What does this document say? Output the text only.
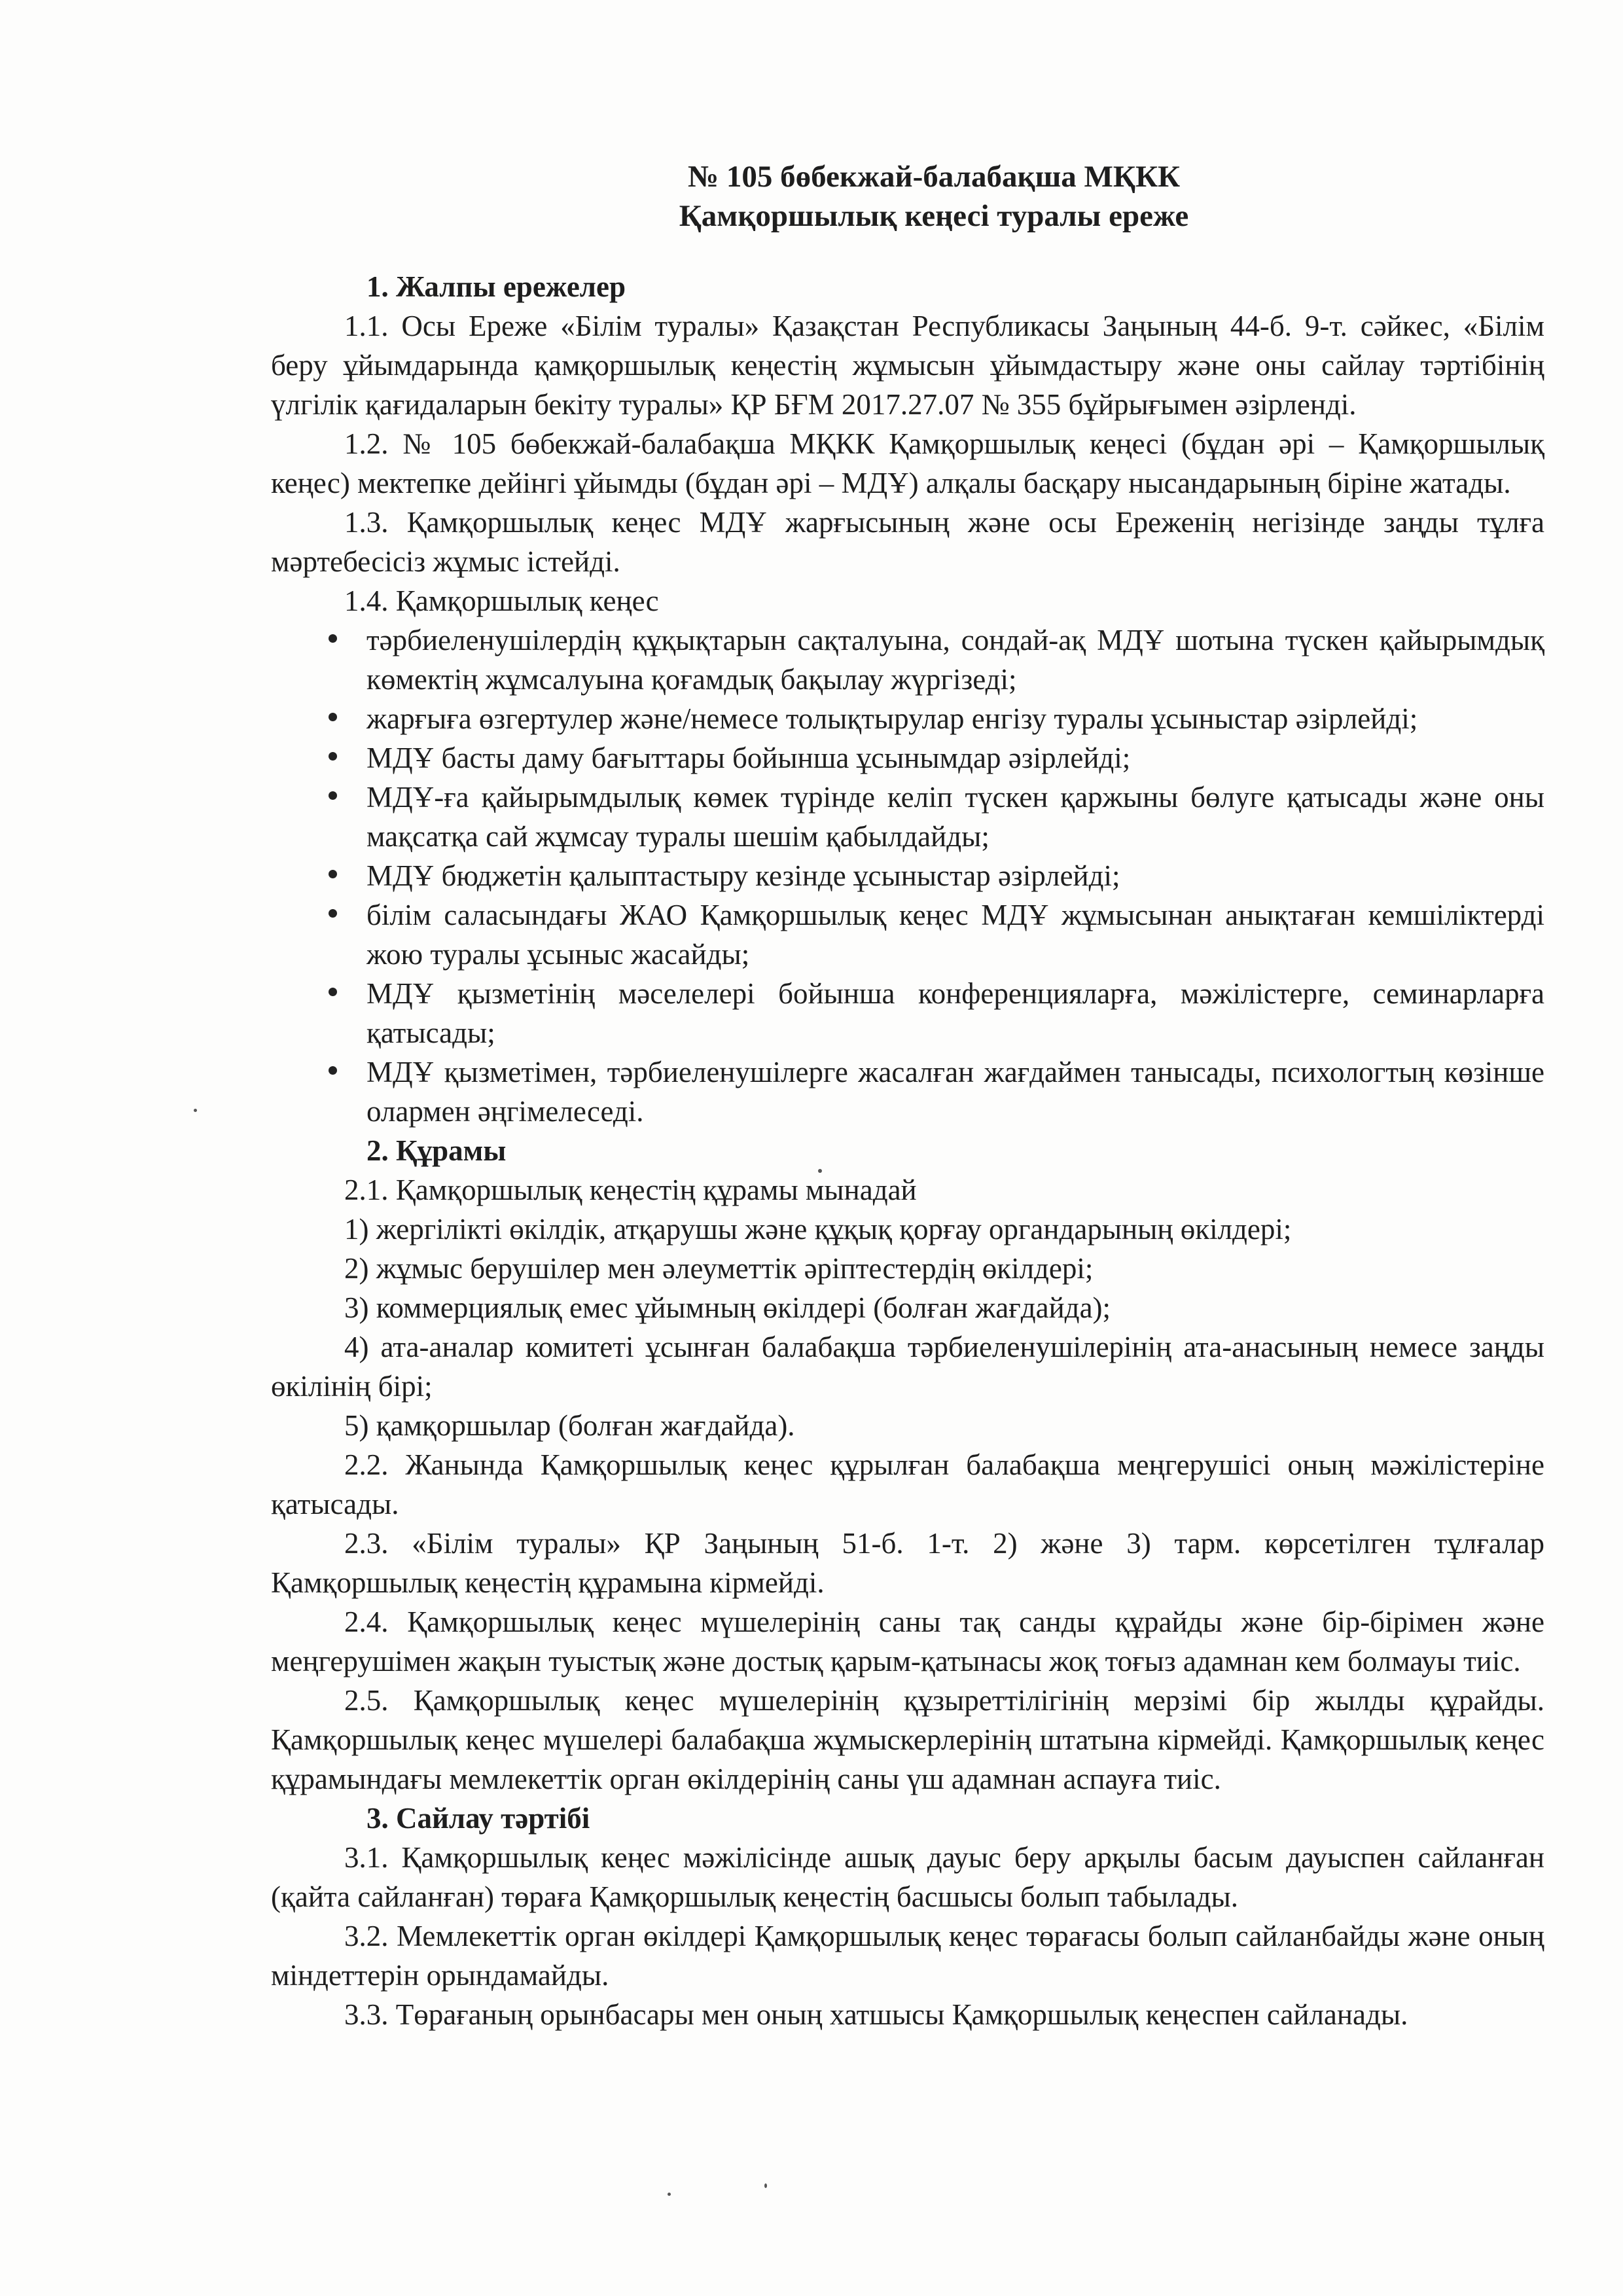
№ 105 бөбекжай-балабақша МҚКК
Қамқоршылық кеңесі туралы ереже

1. Жалпы ережелер

1.1. Осы Ереже «Білім туралы» Қазақстан Республикасы Заңының 44-б. 9-т. сәйкес, «Білім беру ұйымдарында қамқоршылық кеңестің жұмысын ұйымдастыру және оны сайлау тәртібінің үлгілік қағидаларын бекіту туралы» ҚР БҒМ 2017.27.07 № 355 бұйрығымен әзірленді.

1.2. № 105 бөбекжай-балабақша МҚКК Қамқоршылық кеңесі (бұдан әрі – Қамқоршылық кеңес) мектепке дейінгі ұйымды (бұдан әрі – МДҰ) алқалы басқару нысандарының біріне жатады.

1.3. Қамқоршылық кеңес МДҰ жарғысының және осы Ереженің негізінде заңды тұлға мәртебесісіз жұмыс істейді.

1.4. Қамқоршылық кеңес

тәрбиеленушілердің құқықтарын сақталуына, сондай-ақ МДҰ шотына түскен қайырымдық көмектің жұмсалуына қоғамдық бақылау жүргізеді;
жарғыға өзгертулер және/немесе толықтырулар енгізу туралы ұсыныстар әзірлейді;
МДҰ басты даму бағыттары бойынша ұсынымдар әзірлейді;
МДҰ-ға қайырымдылық көмек түрінде келіп түскен қаржыны бөлуге қатысады және оны мақсатқа сай жұмсау туралы шешім қабылдайды;
МДҰ бюджетін қалыптастыру кезінде ұсыныстар әзірлейді;
білім саласындағы ЖАО Қамқоршылық кеңес МДҰ жұмысынан анықтаған кемшіліктерді жою туралы ұсыныс жасайды;
МДҰ қызметінің мәселелері бойынша конференцияларға, мәжілістерге, семинарларға қатысады;
МДҰ қызметімен, тәрбиеленушілерге жасалған жағдаймен танысады, психологтың көзінше олармен әңгімелеседі.

2. Құрамы

2.1. Қамқоршылық кеңестің құрамы мынадай

1) жергілікті өкілдік, атқарушы және құқық қорғау органдарының өкілдері;

2) жұмыс берушілер мен әлеуметтік әріптестердің өкілдері;

3) коммерциялық емес ұйымның өкілдері (болған жағдайда);

4) ата-аналар комитеті ұсынған балабақша тәрбиеленушілерінің ата-анасының немесе заңды өкілінің бірі;

5) қамқоршылар (болған жағдайда).

2.2. Жанында Қамқоршылық кеңес құрылған балабақша меңгерушісі оның мәжілістеріне қатысады.

2.3. «Білім туралы» ҚР Заңының 51-б. 1-т. 2) және 3) тарм. көрсетілген тұлғалар Қамқоршылық кеңестің құрамына кірмейді.

2.4. Қамқоршылық кеңес мүшелерінің саны тақ санды құрайды және бір-бірімен және меңгерушімен жақын туыстық және достық қарым-қатынасы жоқ тоғыз адамнан кем болмауы тиіс.

2.5. Қамқоршылық кеңес мүшелерінің құзыреттілігінің мерзімі бір жылды құрайды. Қамқоршылық кеңес мүшелері балабақша жұмыскерлерінің штатына кірмейді. Қамқоршылық кеңес құрамындағы мемлекеттік орган өкілдерінің саны үш адамнан аспауға тиіс.

3. Сайлау тәртібі

3.1. Қамқоршылық кеңес мәжілісінде ашық дауыс беру арқылы басым дауыспен сайланған (қайта сайланған) төраға Қамқоршылық кеңестің басшысы болып табылады.

3.2. Мемлекеттік орган өкілдері Қамқоршылық кеңес төрағасы болып сайланбайды және оның міндеттерін орындамайды.

3.3. Төрағаның орынбасары мен оның хатшысы Қамқоршылық кеңеспен сайланады.
